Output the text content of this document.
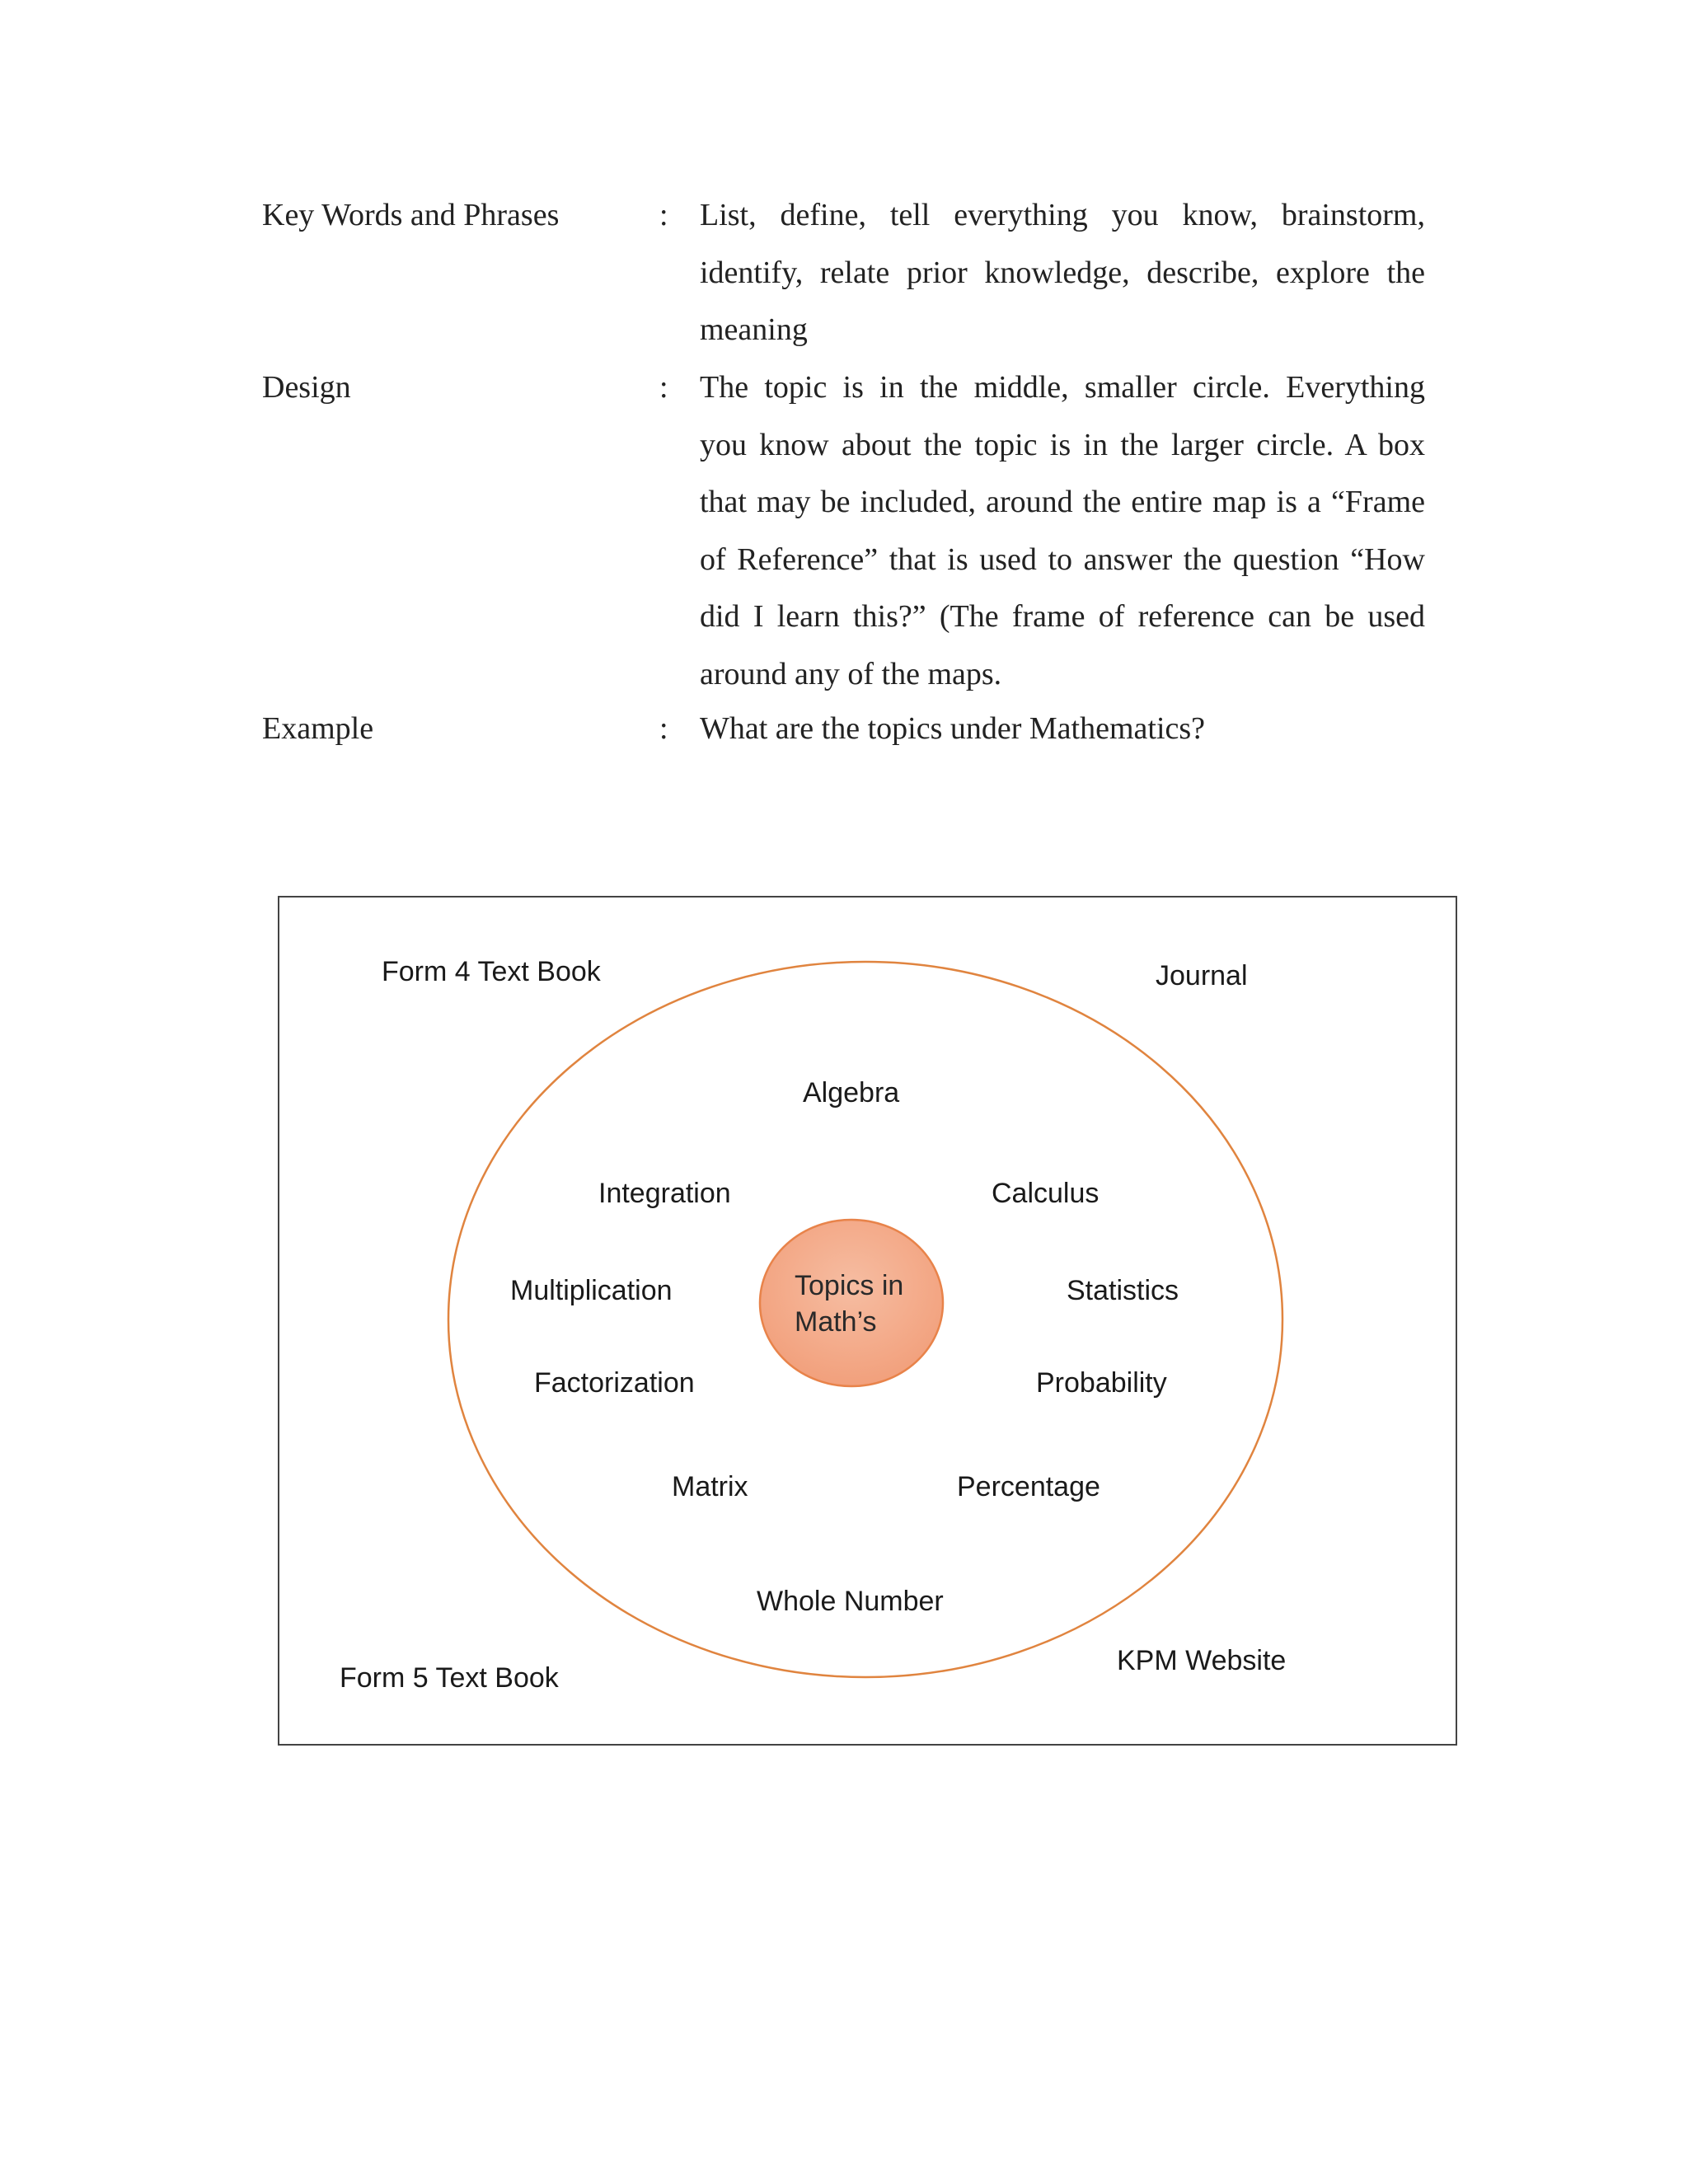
Key Words and Phrases	: List, define, tell everything you know, brainstorm,
identify, relate prior knowledge, describe, explore the
meaning
Design	: The topic is in the middle, smaller circle. Everything
you know about the topic is in the larger circle. A box
that may be included, around the entire map is a “Frame
of Reference” that is used to answer the question “How
did I learn this?” (The frame of reference can be used
around any of the maps.
Example	: What are the topics under Mathematics?
Topics in
Math’s
Algebra
Integration	Calculus
Multiplication	Statistics
Factorization	Probability
Matrix	Percentage
Whole Number
Form 4 Text Book	Journal
Form 5 Text Book
KPM Website
